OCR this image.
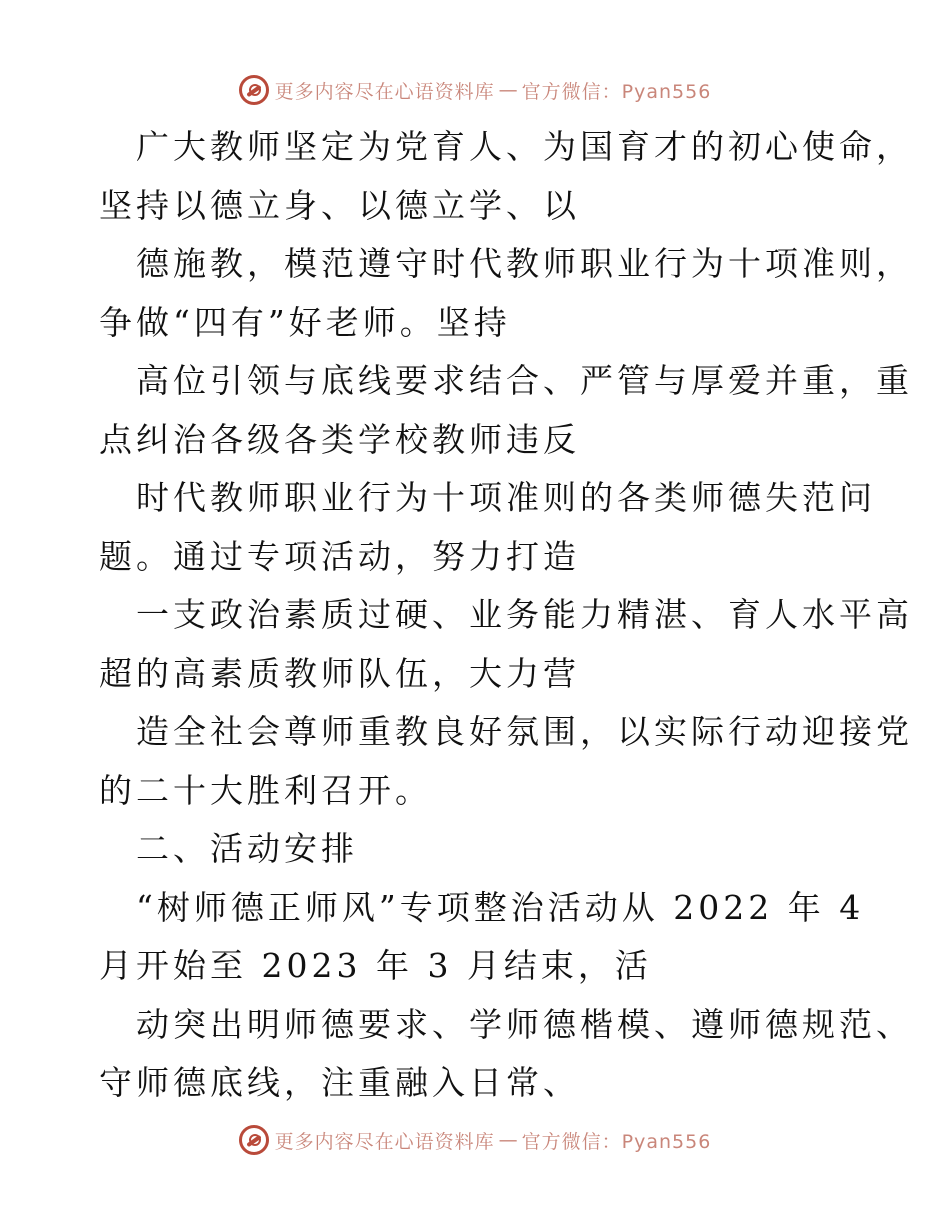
更多内容尽在心语资料库 — 官方微信：Pyan556
广大教师坚定为党育人、为国育才的初心使命，
坚持以德立身、以德立学、以
德施教，模范遵守时代教师职业行为十项准则，
争做“四有”好老师。坚持
高位引领与底线要求结合、严管与厚爱并重，重
点纠治各级各类学校教师违反
时代教师职业行为十项准则的各类师德失范问
题。通过专项活动，努力打造
一支政治素质过硬、业务能力精湛、育人水平高
超的高素质教师队伍，大力营
造全社会尊师重教良好氛围，以实际行动迎接党
的二十大胜利召开。
二、活动安排
“树师德正师风”专项整治活动从 2022 年 4
月开始至 2023 年 3 月结束，活
动突出明师德要求、学师德楷模、遵师德规范、
守师德底线，注重融入日常、
更多内容尽在心语资料库 — 官方微信：Pyan556
